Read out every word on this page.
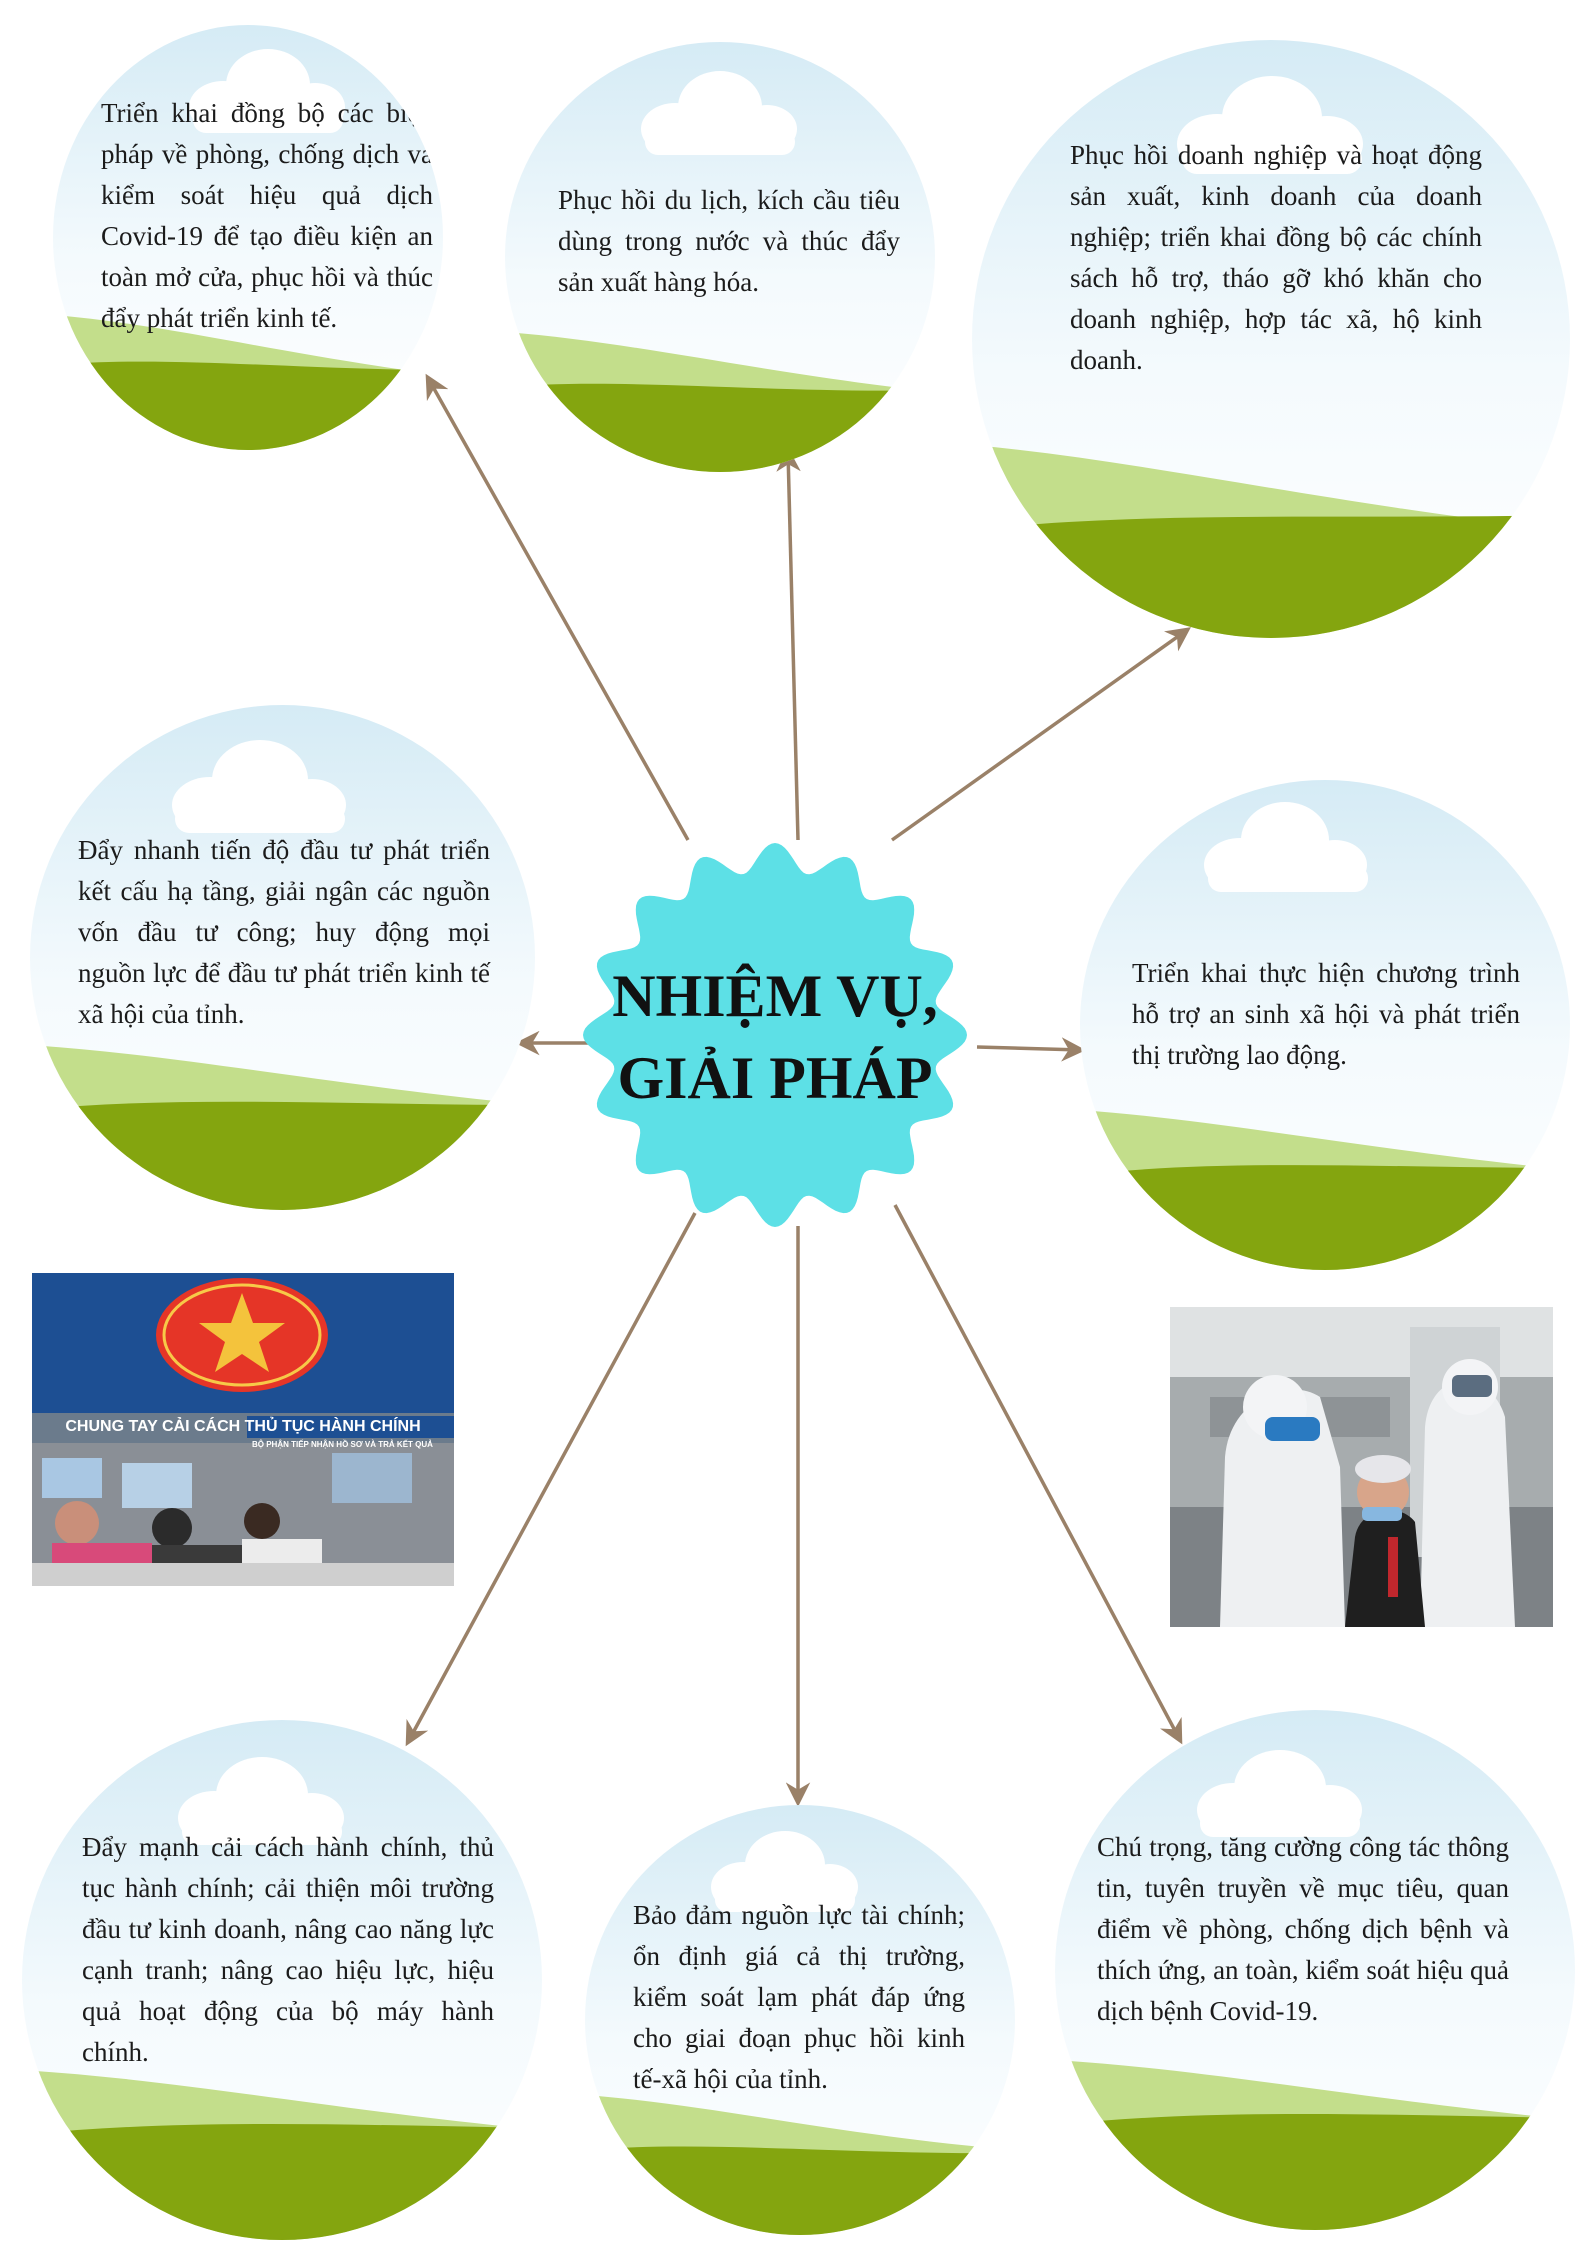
Triển khai đồng bộ các biện pháp về phòng, chống dịch và kiểm soát hiệu quả dịch Covid-19 để tạo điều kiện an toàn mở cửa, phục hồi và thúc đẩy phát triển kinh tế.

Phục hồi du lịch, kích cầu tiêu dùng trong nước và thúc đẩy sản xuất hàng hóa.

Phục hồi doanh nghiệp và hoạt động sản xuất, kinh doanh của doanh nghiệp; triển khai đồng bộ các chính sách hỗ trợ, tháo gỡ khó khăn cho doanh nghiệp, hợp tác xã, hộ kinh doanh.

Đẩy nhanh tiến độ đầu tư phát triển kết cấu hạ tầng, giải ngân các nguồn vốn đầu tư công; huy động mọi nguồn lực để đầu tư phát triển kinh tế xã hội của tỉnh.

Triển khai thực hiện chương trình hỗ trợ an sinh xã hội và phát triển thị trường lao động.

Đẩy mạnh cải cách hành chính, thủ tục hành chính; cải thiện môi trường đầu tư kinh doanh, nâng cao năng lực cạnh tranh; nâng cao hiệu lực, hiệu quả hoạt động của bộ máy hành chính.

Bảo đảm nguồn lực tài chính; ổn định giá cả thị trường, kiểm soát lạm phát đáp ứng cho giai đoạn phục hồi kinh tế-xã hội của tỉnh.

Chú trọng, tăng cường công tác thông tin, tuyên truyền về mục tiêu, quan điểm về phòng, chống dịch bệnh và thích ứng, an toàn, kiểm soát hiệu quả dịch bệnh Covid-19.

NHIỆM VỤ,
GIẢI PHÁP

CHUNG TAY CẢI CÁCH THỦ TỤC HÀNH CHÍNH
BỘ PHẬN TIẾP NHẬN HỒ SƠ VÀ TRẢ KẾT QUẢ
